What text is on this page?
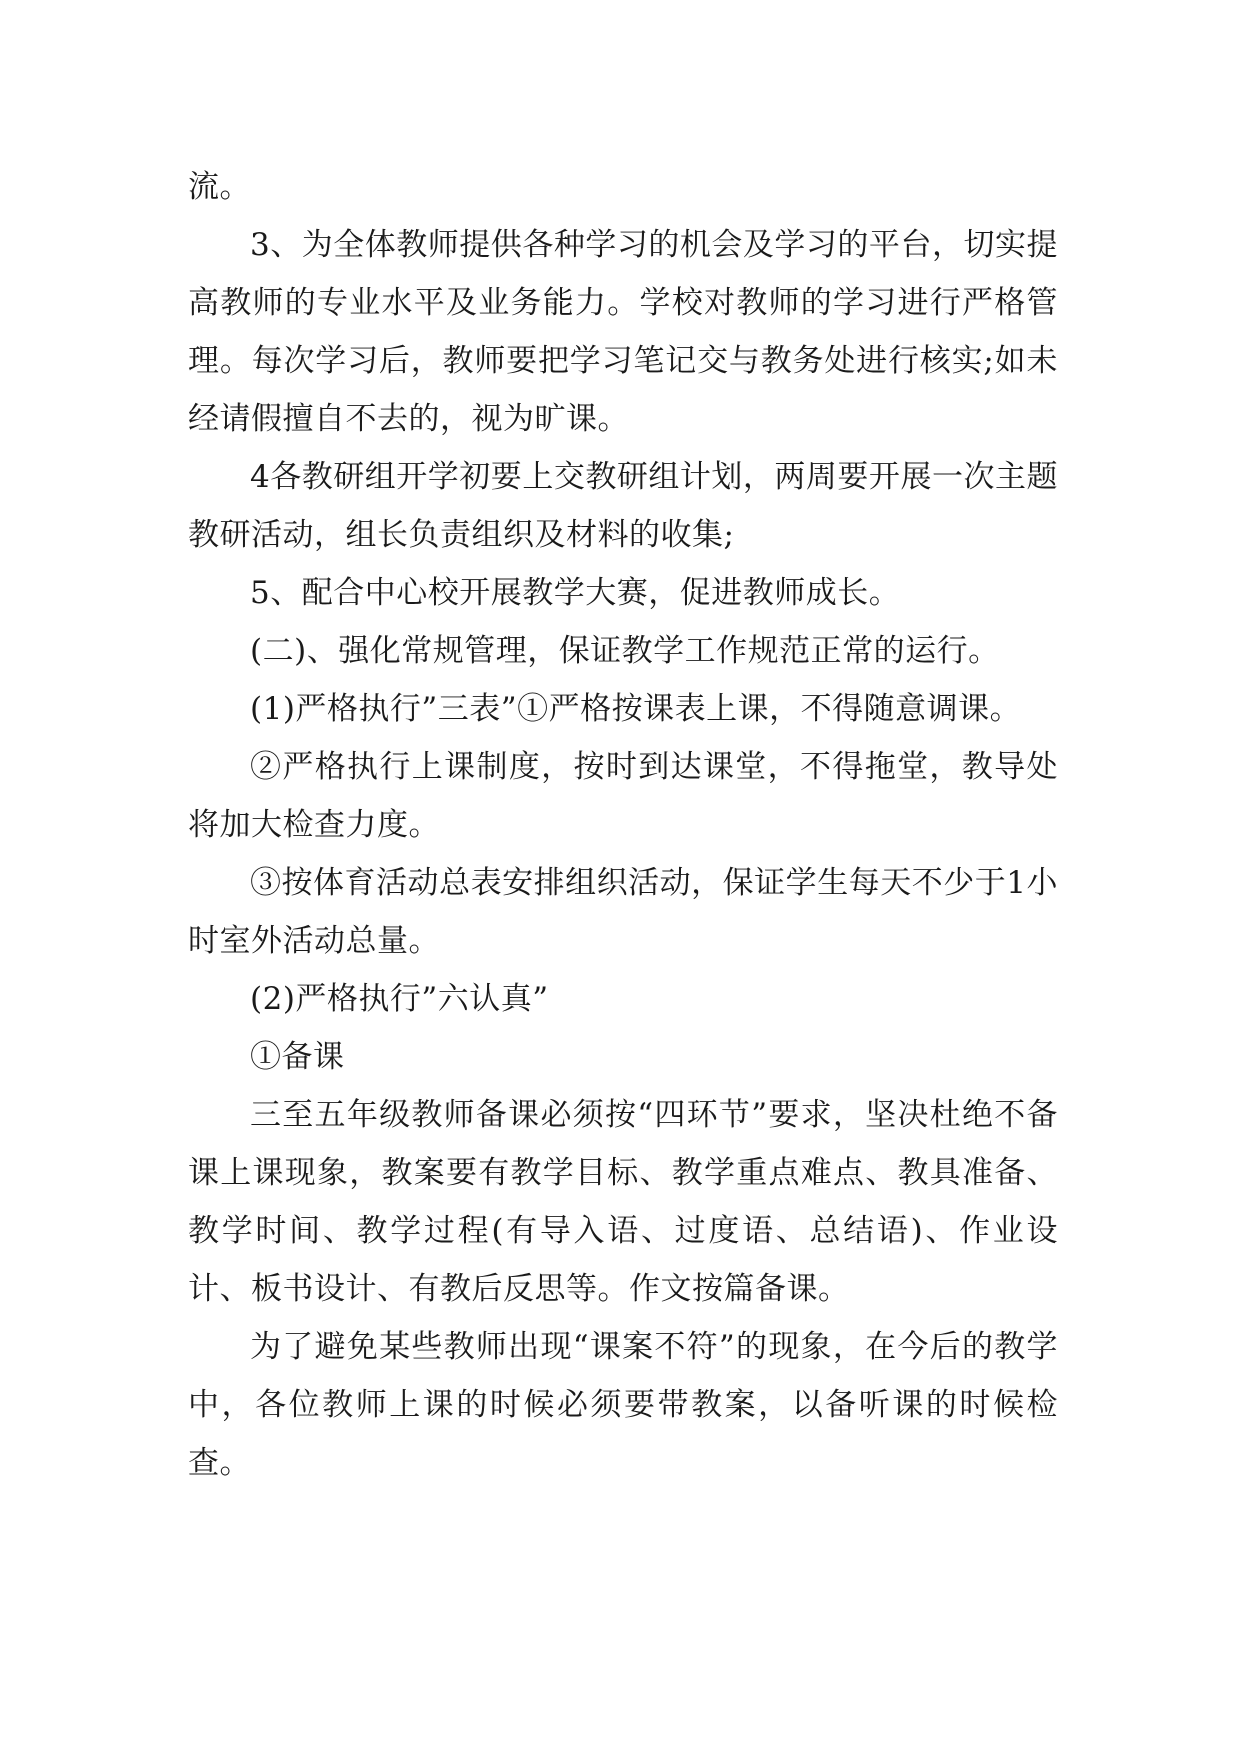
流。

3、为全体教师提供各种学习的机会及学习的平台，切实提高教师的专业水平及业务能力。学校对教师的学习进行严格管理。每次学习后，教师要把学习笔记交与教务处进行核实;如未经请假擅自不去的，视为旷课。

4各教研组开学初要上交教研组计划，两周要开展一次主题教研活动，组长负责组织及材料的收集;

5、配合中心校开展教学大赛，促进教师成长。

(二)、强化常规管理，保证教学工作规范正常的运行。

(1)严格执行”三表”①严格按课表上课，不得随意调课。

②严格执行上课制度，按时到达课堂，不得拖堂，教导处将加大检查力度。

③按体育活动总表安排组织活动，保证学生每天不少于1小时室外活动总量。

(2)严格执行”六认真”

①备课

三至五年级教师备课必须按“四环节”要求，坚决杜绝不备课上课现象，教案要有教学目标、教学重点难点、教具准备、教学时间、教学过程(有导入语、过度语、总结语)、作业设计、板书设计、有教后反思等。作文按篇备课。

为了避免某些教师出现“课案不符”的现象，在今后的教学中，各位教师上课的时候必须要带教案，以备听课的时候检查。
